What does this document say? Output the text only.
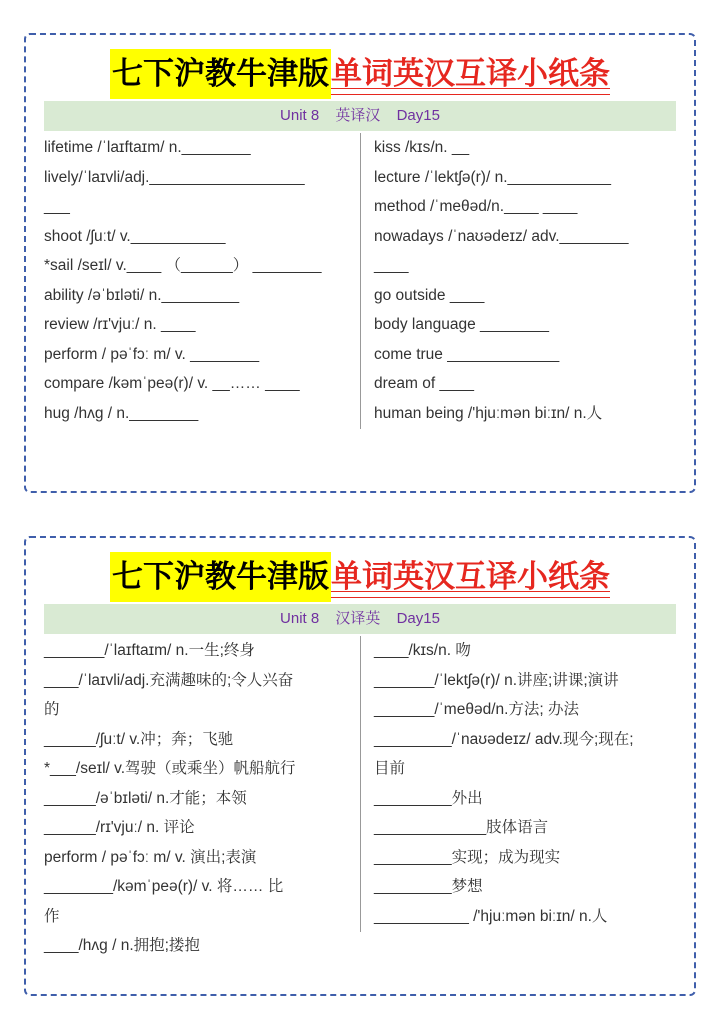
七下沪教牛津版单词英汉互译小纸条
Unit 8 英译汉 Day15
lifetime /ˈlaɪftaɪm/ n.________
lively/ˈlaɪvli/adj.__________________
___
shoot /ʃuːt/ v.___________
*sail /seɪl/ v.____ （______） ________
ability /əˈbɪləti/ n._________
review /rɪ'vjuː/ n. ____
perform / pəˈfɔː m/ v. ________
compare /kəmˈpeə(r)/ v. __…… ____
hug /hʌɡ / n.________
kiss /kɪs/n. __
lecture /ˈlektʃə(r)/ n.____________
method /ˈmeθəd/n.____ ____
nowadays /ˈnaʊədeɪz/ adv.________
____
go outside ____
body language ________
come true _____________
dream of ____
human being /'hjuːmən biːɪn/ n.人
七下沪教牛津版单词英汉互译小纸条
Unit 8 汉译英 Day15
_______/ˈlaɪftaɪm/ n.一生;终身
____/ˈlaɪvli/adj.充满趣味的;令人兴奋
的
______/ʃuːt/ v.冲；奔；飞驰
*___/seɪl/ v.驾驶（或乘坐）帆船航行
______/əˈbɪləti/ n.才能；本领
______/rɪ'vjuː/ n. 评论
perform / pəˈfɔː m/ v. 演出;表演
________/kəmˈpeə(r)/ v. 将…… 比
作
____/hʌɡ / n.拥抱;搂抱
____/kɪs/n. 吻
_______/ˈlektʃə(r)/ n.讲座;讲课;演讲
_______/ˈmeθəd/n.方法; 办法
_________/ˈnaʊədeɪz/ adv.现今;现在;
目前
_________外出
_____________肢体语言
_________实现；成为现实
_________梦想
___________ /'hjuːmən biːɪn/ n.人
